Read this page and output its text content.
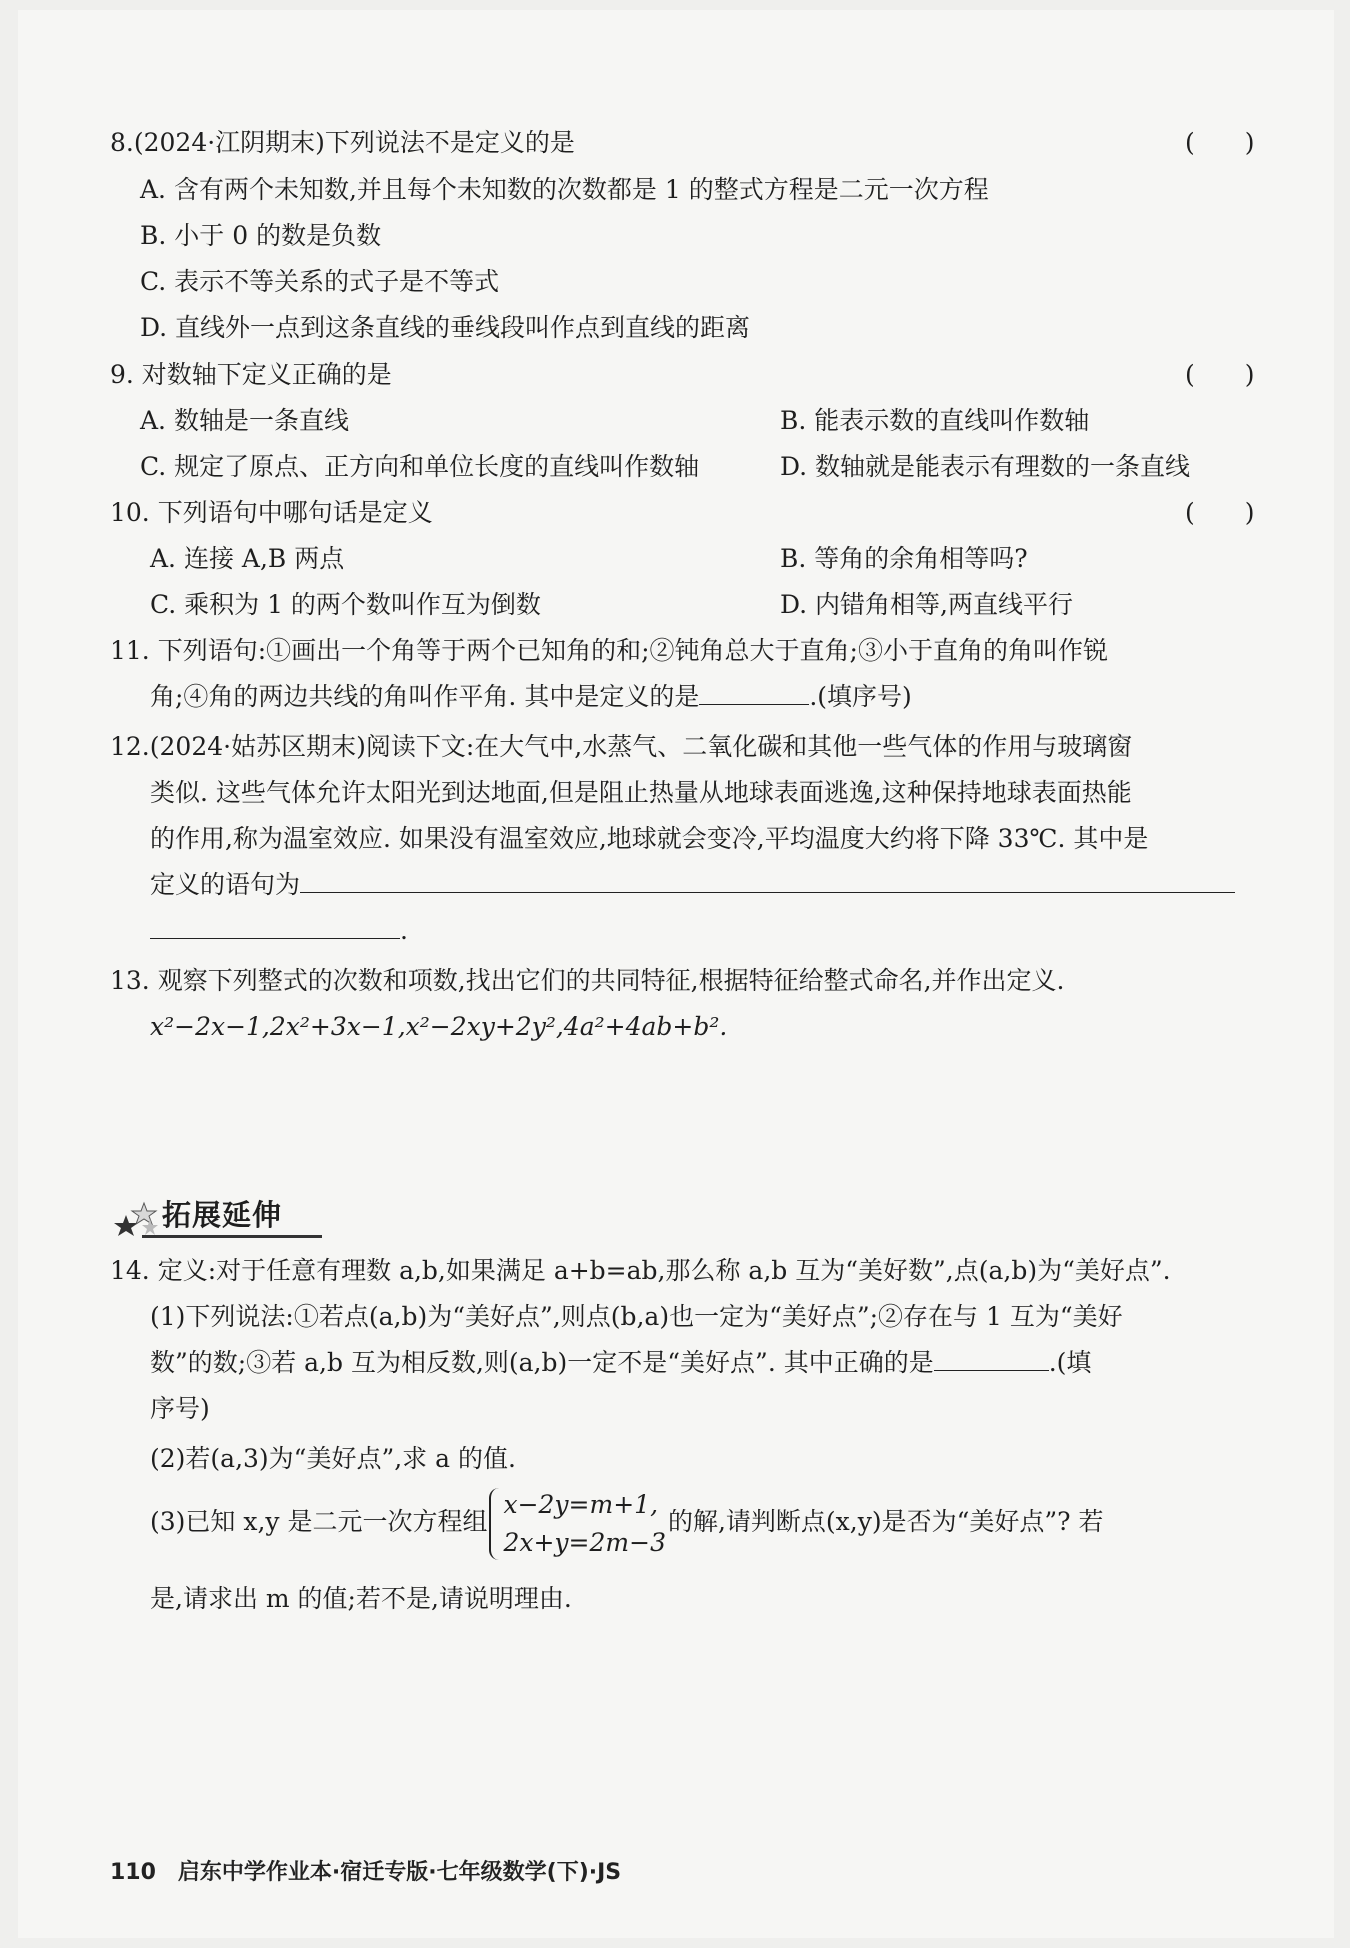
8.(2024·江阴期末)下列说法不是定义的是	(　　)
A. 含有两个未知数,并且每个未知数的次数都是 1 的整式方程是二元一次方程
B. 小于 0 的数是负数
C. 表示不等关系的式子是不等式
D. 直线外一点到这条直线的垂线段叫作点到直线的距离
9. 对数轴下定义正确的是	(　　)
A. 数轴是一条直线	B. 能表示数的直线叫作数轴
C. 规定了原点、正方向和单位长度的直线叫作数轴	D. 数轴就是能表示有理数的一条直线
10. 下列语句中哪句话是定义	(　　)
A. 连接 A,B 两点	B. 等角的余角相等吗?
C. 乘积为 1 的两个数叫作互为倒数	D. 内错角相等,两直线平行
11. 下列语句:①画出一个角等于两个已知角的和;②钝角总大于直角;③小于直角的角叫作锐
角;④角的两边共线的角叫作平角. 其中是定义的是	.(填序号)
12.(2024·姑苏区期末)阅读下文:在大气中,水蒸气、二氧化碳和其他一些气体的作用与玻璃窗
类似. 这些气体允许太阳光到达地面,但是阻止热量从地球表面逃逸,这种保持地球表面热能
的作用,称为温室效应. 如果没有温室效应,地球就会变冷,平均温度大约将下降 33℃. 其中是
定义的语句为
.
13. 观察下列整式的次数和项数,找出它们的共同特征,根据特征给整式命名,并作出定义.
x²−2x−1,2x²+3x−1,x²−2xy+2y²,4a²+4ab+b².
拓展延伸
14. 定义:对于任意有理数 a,b,如果满足 a+b=ab,那么称 a,b 互为“美好数”,点(a,b)为“美好点”.
(1)下列说法:①若点(a,b)为“美好点”,则点(b,a)也一定为“美好点”;②存在与 1 互为“美好
数”的数;③若 a,b 互为相反数,则(a,b)一定不是“美好点”. 其中正确的是	.(填
序号)
(2)若(a,3)为“美好点”,求 a 的值.
(3)已知 x,y 是二元一次方程组
x−2y=m+1,
2x+y=2m−3
的解,请判断点(x,y)是否为“美好点”? 若
是,请求出 m 的值;若不是,请说明理由.
110　启东中学作业本·宿迁专版·七年级数学(下)·JS
